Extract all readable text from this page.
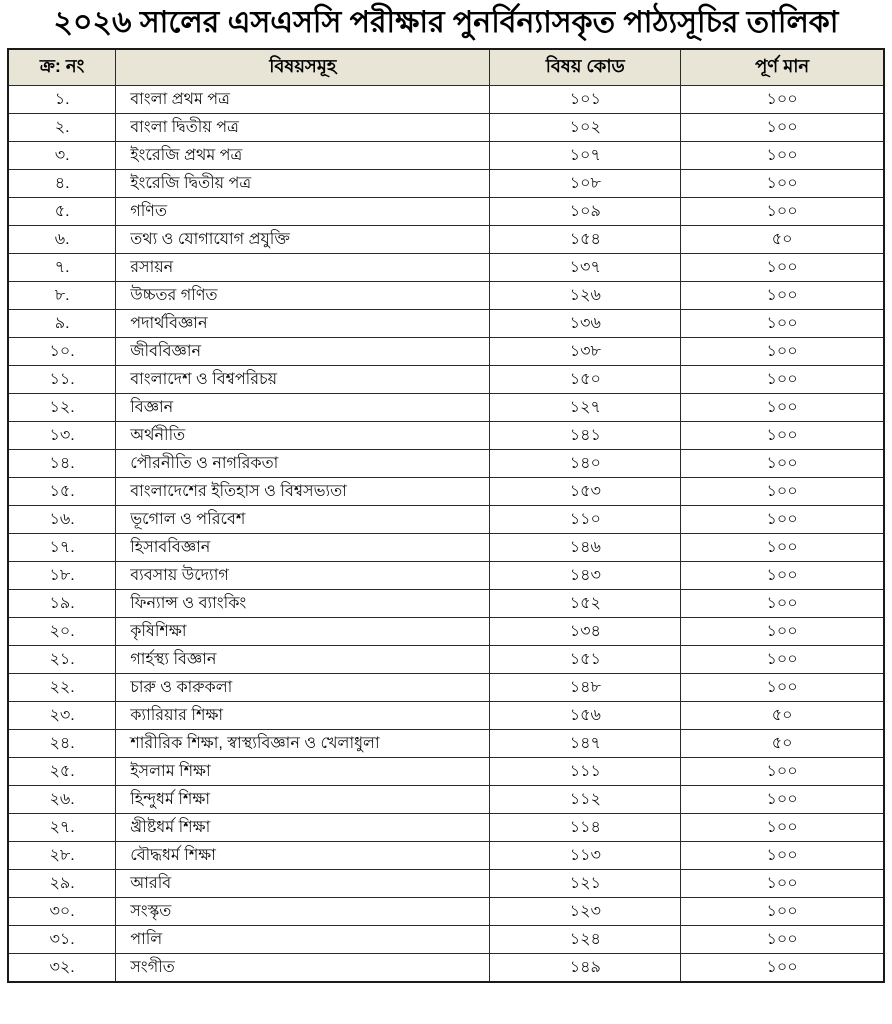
২০২৬ সালের এসএসসি পরীক্ষার পুনর্বিন্যাসকৃত পাঠ্যসূচির তালিকা
ক্র: নং	বিষয়সমূহ	বিষয় কোড	পূর্ণ মান
১.	বাংলা প্রথম পত্র	১০১	১০০
২.	বাংলা দ্বিতীয় পত্র	১০২	১০০
৩.	ইংরেজি প্রথম পত্র	১০৭	১০০
৪.	ইংরেজি দ্বিতীয় পত্র	১০৮	১০০
৫.	গণিত	১০৯	১০০
৬.	তথ্য ও যোগাযোগ প্রযুক্তি	১৫৪	৫০
৭.	রসায়ন	১৩৭	১০০
৮.	উচ্চতর গণিত	১২৬	১০০
৯.	পদার্থবিজ্ঞান	১৩৬	১০০
১০.	জীববিজ্ঞান	১৩৮	১০০
১১.	বাংলাদেশ ও বিশ্বপরিচয়	১৫০	১০০
১২.	বিজ্ঞান	১২৭	১০০
১৩.	অর্থনীতি	১৪১	১০০
১৪.	পৌরনীতি ও নাগরিকতা	১৪০	১০০
১৫.	বাংলাদেশের ইতিহাস ও বিশ্বসভ্যতা	১৫৩	১০০
১৬.	ভূগোল ও পরিবেশ	১১০	১০০
১৭.	হিসাববিজ্ঞান	১৪৬	১০০
১৮.	ব্যবসায় উদ্যোগ	১৪৩	১০০
১৯.	ফিন্যান্স ও ব্যাংকিং	১৫২	১০০
২০.	কৃষিশিক্ষা	১৩৪	১০০
২১.	গার্হস্থ্য বিজ্ঞান	১৫১	১০০
২২.	চারু ও কারুকলা	১৪৮	১০০
২৩.	ক্যারিয়ার শিক্ষা	১৫৬	৫০
২৪.	শারীরিক শিক্ষা, স্বাস্থ্যবিজ্ঞান ও খেলাধুলা	১৪৭	৫০
২৫.	ইসলাম শিক্ষা	১১১	১০০
২৬.	হিন্দুধর্ম শিক্ষা	১১২	১০০
২৭.	খ্রীষ্টধর্ম শিক্ষা	১১৪	১০০
২৮.	বৌদ্ধধর্ম শিক্ষা	১১৩	১০০
২৯.	আরবি	১২১	১০০
৩০.	সংস্কৃত	১২৩	১০০
৩১.	পালি	১২৪	১০০
৩২.	সংগীত	১৪৯	১০০
